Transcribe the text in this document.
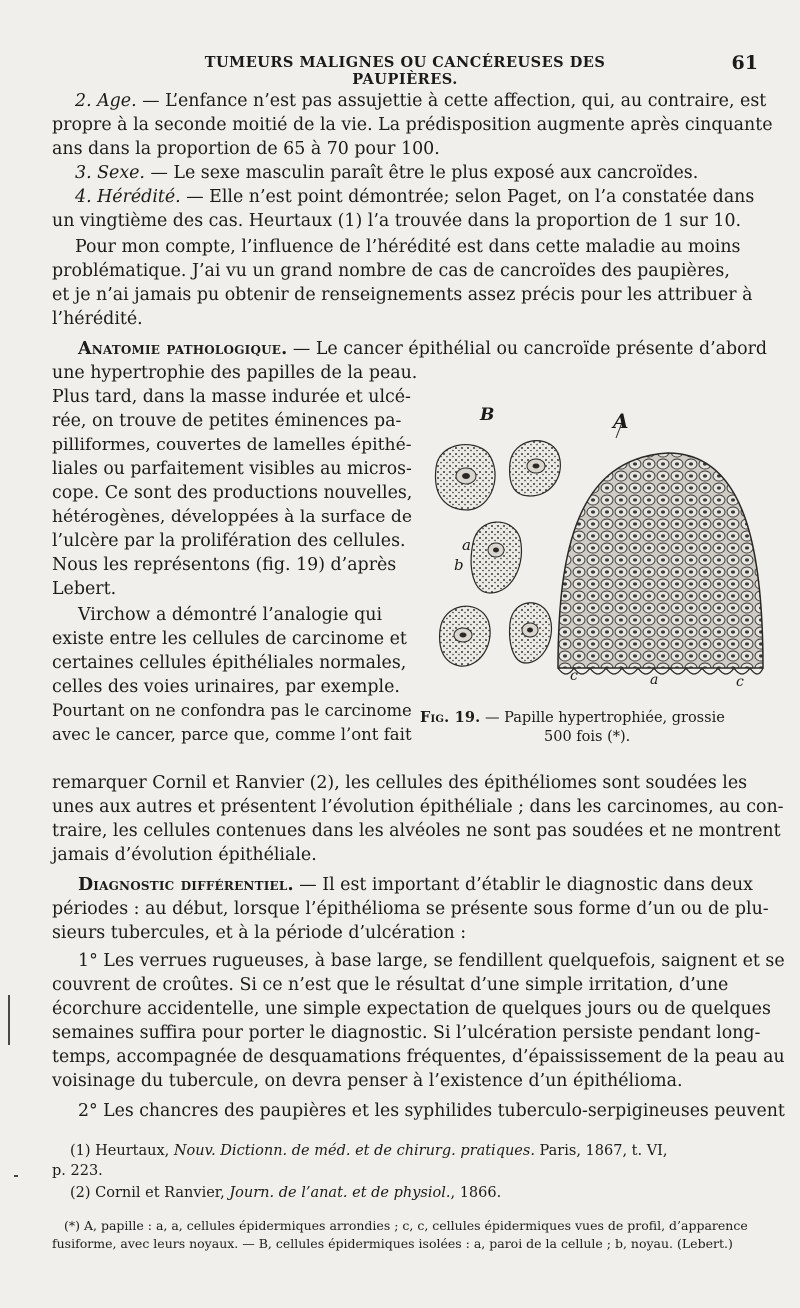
TUMEURS MALIGNES OU CANCÉREUSES DES PAUPIÈRES.
61
2. Age. — L’enfance n’est pas assujettie à cette affection, qui, au contraire, est
propre à la seconde moitié de la vie. La prédisposition augmente après cinquante
ans dans la proportion de 65 à 70 pour 100.
3. Sexe. — Le sexe masculin paraît être le plus exposé aux cancroïdes.
4. Hérédité. — Elle n’est point démontrée; selon Paget, on l’a constatée dans
un vingtième des cas. Heurtaux (1) l’a trouvée dans la proportion de 1 sur 10.
Pour mon compte, l’influence de l’hérédité est dans cette maladie au moins
problématique. J’ai vu un grand nombre de cas de cancroïdes des paupières,
et je n’ai jamais pu obtenir de renseignements assez précis pour les attribuer à
l’hérédité.
Anatomie pathologique. — Le cancer épithélial ou cancroïde présente d’abord
une hypertrophie des papilles de la peau.
Plus tard, dans la masse indurée et ulcé-
rée, on trouve de petites éminences pa-
pilliformes, couvertes de lamelles épithé-
liales ou parfaitement visibles au micros-
cope. Ce sont des productions nouvelles,
hétérogènes, développées à la surface de
l’ulcère par la prolifération des cellules.
Nous les représentons (fig. 19) d’après
Lebert.
Virchow a démontré l’analogie qui
existe entre les cellules de carcinome et
certaines cellules épithéliales normales,
celles des voies urinaires, par exemple.
Pourtant on ne confondra pas le carcinome
avec le cancer, parce que, comme l’ont fait
A
B
a
b
c	a	c
Fig. 19. — Papille hypertrophiée, grossie
500 fois (*).
remarquer Cornil et Ranvier (2), les cellules des épithéliomes sont soudées les
unes aux autres et présentent l’évolution épithéliale ; dans les carcinomes, au con-
traire, les cellules contenues dans les alvéoles ne sont pas soudées et ne montrent
jamais d’évolution épithéliale.
Diagnostic différentiel. — Il est important d’établir le diagnostic dans deux
périodes : au début, lorsque l’épithélioma se présente sous forme d’un ou de plu-
sieurs tubercules, et à la période d’ulcération :
1° Les verrues rugueuses, à base large, se fendillent quelquefois, saignent et se
couvrent de croûtes. Si ce n’est que le résultat d’une simple irritation, d’une
écorchure accidentelle, une simple expectation de quelques jours ou de quelques
semaines suffira pour porter le diagnostic. Si l’ulcération persiste pendant long-
temps, accompagnée de desquamations fréquentes, d’épaississement de la peau au
voisinage du tubercule, on devra penser à l’existence d’un épithélioma.
2° Les chancres des paupières et les syphilides tuberculo-serpigineuses peuvent
(1) Heurtaux, Nouv. Dictionn. de méd. et de chirurg. pratiques. Paris, 1867, t. VI,
p. 223.
(2) Cornil et Ranvier, Journ. de l’anat. et de physiol., 1866.
(*) A, papille : a, a, cellules épidermiques arrondies ; c, c, cellules épidermiques vues de profil, d’apparence
fusiforme, avec leurs noyaux. — B, cellules épidermiques isolées : a, paroi de la cellule ; b, noyau. (Lebert.)
